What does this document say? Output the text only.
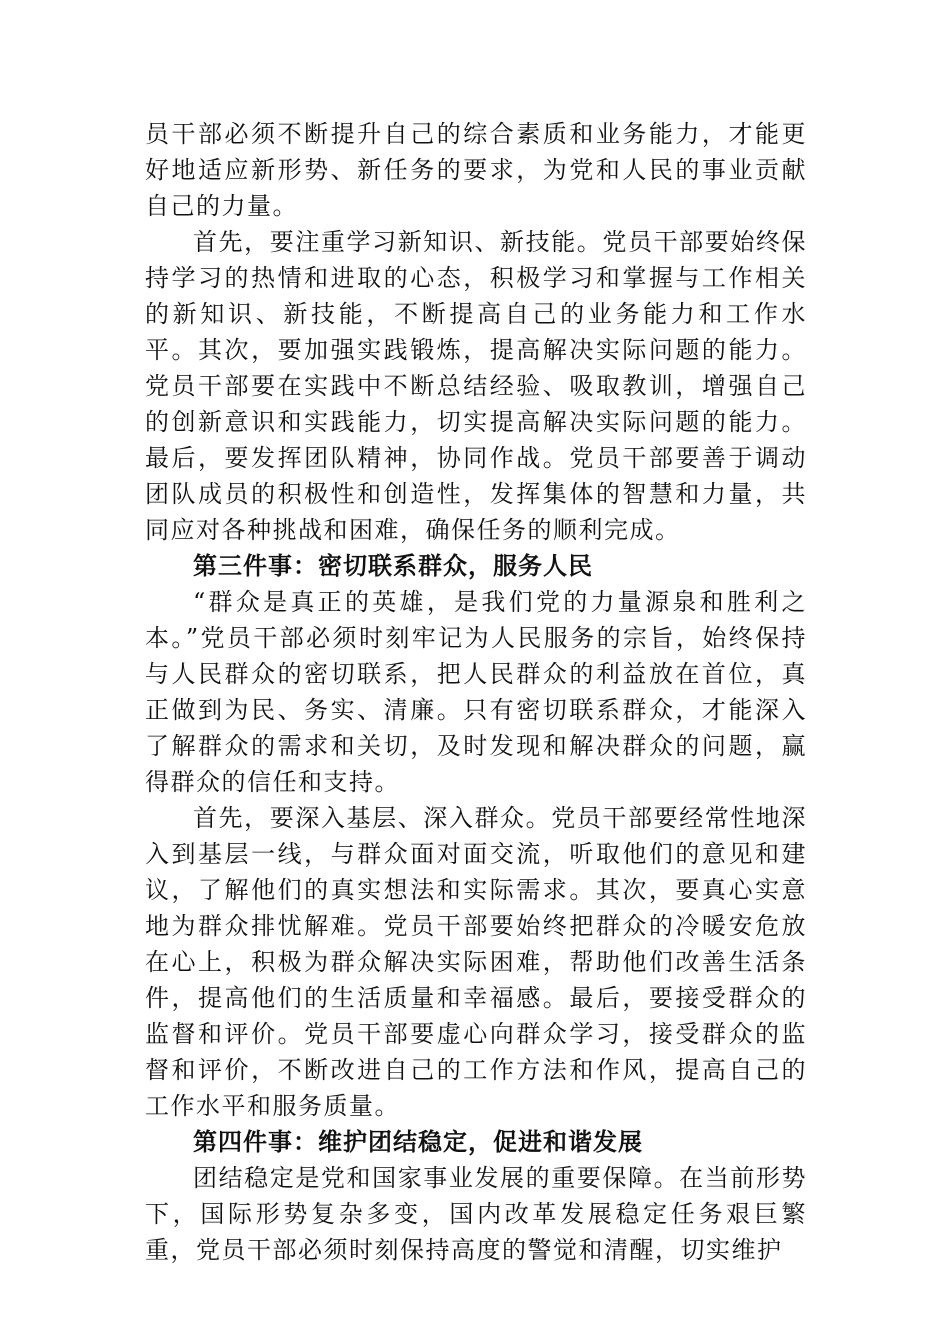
员干部必须不断提升自己的综合素质和业务能力，才能更好地适应新形势、新任务的要求，为党和人民的事业贡献自己的力量。

首先，要注重学习新知识、新技能。党员干部要始终保持学习的热情和进取的心态，积极学习和掌握与工作相关的新知识、新技能，不断提高自己的业务能力和工作水平。其次，要加强实践锻炼，提高解决实际问题的能力。党员干部要在实践中不断总结经验、吸取教训，增强自己的创新意识和实践能力，切实提高解决实际问题的能力。最后，要发挥团队精神，协同作战。党员干部要善于调动团队成员的积极性和创造性，发挥集体的智慧和力量，共同应对各种挑战和困难，确保任务的顺利完成。

第三件事：密切联系群众，服务人民

“群众是真正的英雄，是我们党的力量源泉和胜利之本。”党员干部必须时刻牢记为人民服务的宗旨，始终保持与人民群众的密切联系，把人民群众的利益放在首位，真正做到为民、务实、清廉。只有密切联系群众，才能深入了解群众的需求和关切，及时发现和解决群众的问题，赢得群众的信任和支持。

首先，要深入基层、深入群众。党员干部要经常性地深入到基层一线，与群众面对面交流，听取他们的意见和建议，了解他们的真实想法和实际需求。其次，要真心实意地为群众排忧解难。党员干部要始终把群众的冷暖安危放在心上，积极为群众解决实际困难，帮助他们改善生活条件，提高他们的生活质量和幸福感。最后，要接受群众的监督和评价。党员干部要虚心向群众学习，接受群众的监督和评价，不断改进自己的工作方法和作风，提高自己的工作水平和服务质量。

第四件事：维护团结稳定，促进和谐发展

团结稳定是党和国家事业发展的重要保障。在当前形势下，国际形势复杂多变，国内改革发展稳定任务艰巨繁重，党员干部必须时刻保持高度的警觉和清醒，切实维护
